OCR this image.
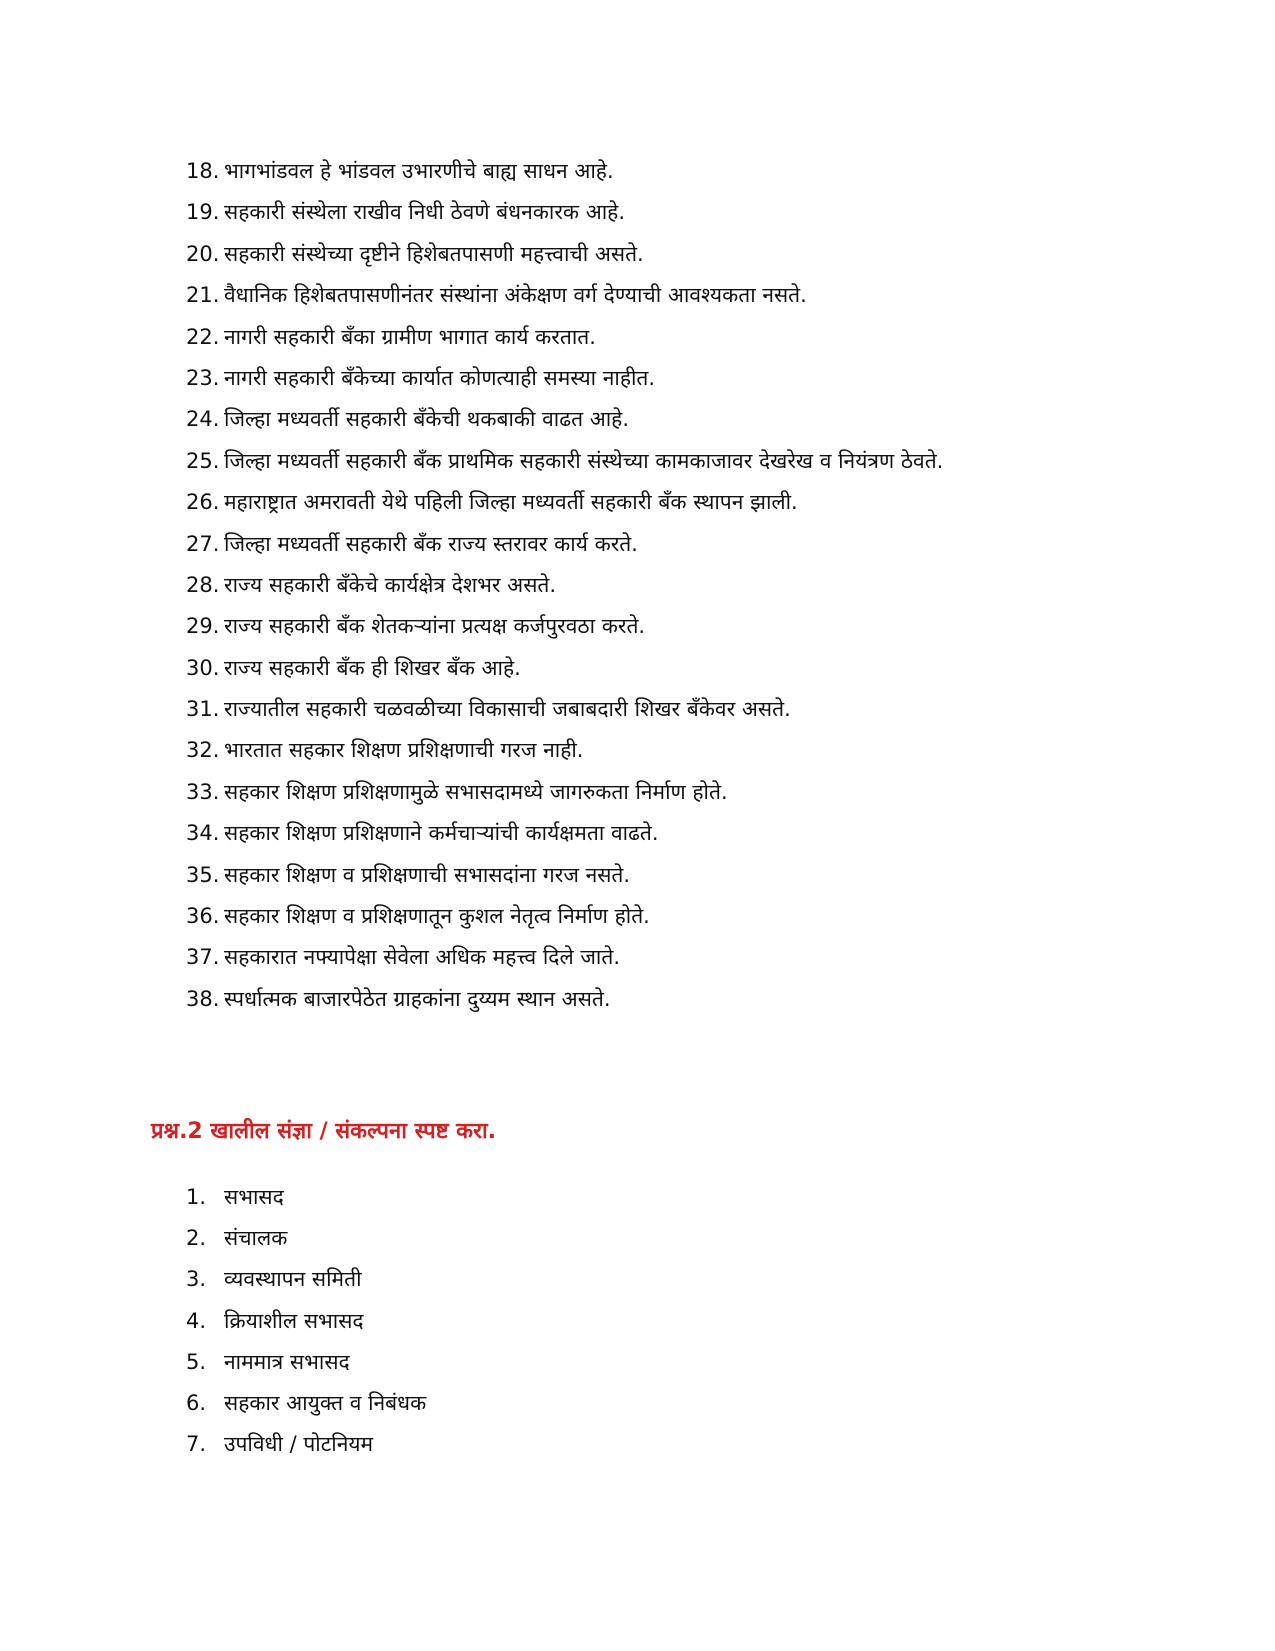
18. भागभांडवल हे भांडवल उभारणीचे बाह्य साधन आहे.
19. सहकारी संस्थेला राखीव निधी ठेवणे बंधनकारक आहे.
20. सहकारी संस्थेच्या दृष्टीने हिशेबतपासणी महत्त्वाची असते.
21. वैधानिक हिशेबतपासणीनंतर संस्थांना अंकेक्षण वर्ग देण्याची आवश्यकता नसते.
22. नागरी सहकारी बँका ग्रामीण भागात कार्य करतात.
23. नागरी सहकारी बँकेच्या कार्यात कोणत्याही समस्या नाहीत.
24. जिल्हा मध्यवर्ती सहकारी बँकेची थकबाकी वाढत आहे.
25. जिल्हा मध्यवर्ती सहकारी बँक प्राथमिक सहकारी संस्थेच्या कामकाजावर देखरेख व नियंत्रण ठेवते.
26. महाराष्ट्रात अमरावती येथे पहिली जिल्हा मध्यवर्ती सहकारी बँक स्थापन झाली.
27. जिल्हा मध्यवर्ती सहकारी बँक राज्य स्तरावर कार्य करते.
28. राज्य सहकारी बँकेचे कार्यक्षेत्र देशभर असते.
29. राज्य सहकारी बँक शेतकऱ्यांना प्रत्यक्ष कर्जपुरवठा करते.
30. राज्य सहकारी बँक ही शिखर बँक आहे.
31. राज्यातील सहकारी चळवळीच्या विकासाची जबाबदारी शिखर बँकेवर असते.
32. भारतात सहकार शिक्षण प्रशिक्षणाची गरज नाही.
33. सहकार शिक्षण प्रशिक्षणामुळे सभासदामध्ये जागरुकता निर्माण होते.
34. सहकार शिक्षण प्रशिक्षणाने कर्मचाऱ्यांची कार्यक्षमता वाढते.
35. सहकार शिक्षण व प्रशिक्षणाची सभासदांना गरज नसते.
36. सहकार शिक्षण व प्रशिक्षणातून कुशल नेतृत्व निर्माण होते.
37. सहकारात नफ्यापेक्षा सेवेला अधिक महत्त्व दिले जाते.
38. स्पर्धात्मक बाजारपेठेत ग्राहकांना दुय्यम स्थान असते.
प्रश्न.2 खालील संज्ञा / संकल्पना स्पष्ट करा.
1. सभासद
2. संचालक
3. व्यवस्थापन समिती
4. क्रियाशील सभासद
5. नाममात्र सभासद
6. सहकार आयुक्त व निबंधक
7. उपविधी / पोटनियम
